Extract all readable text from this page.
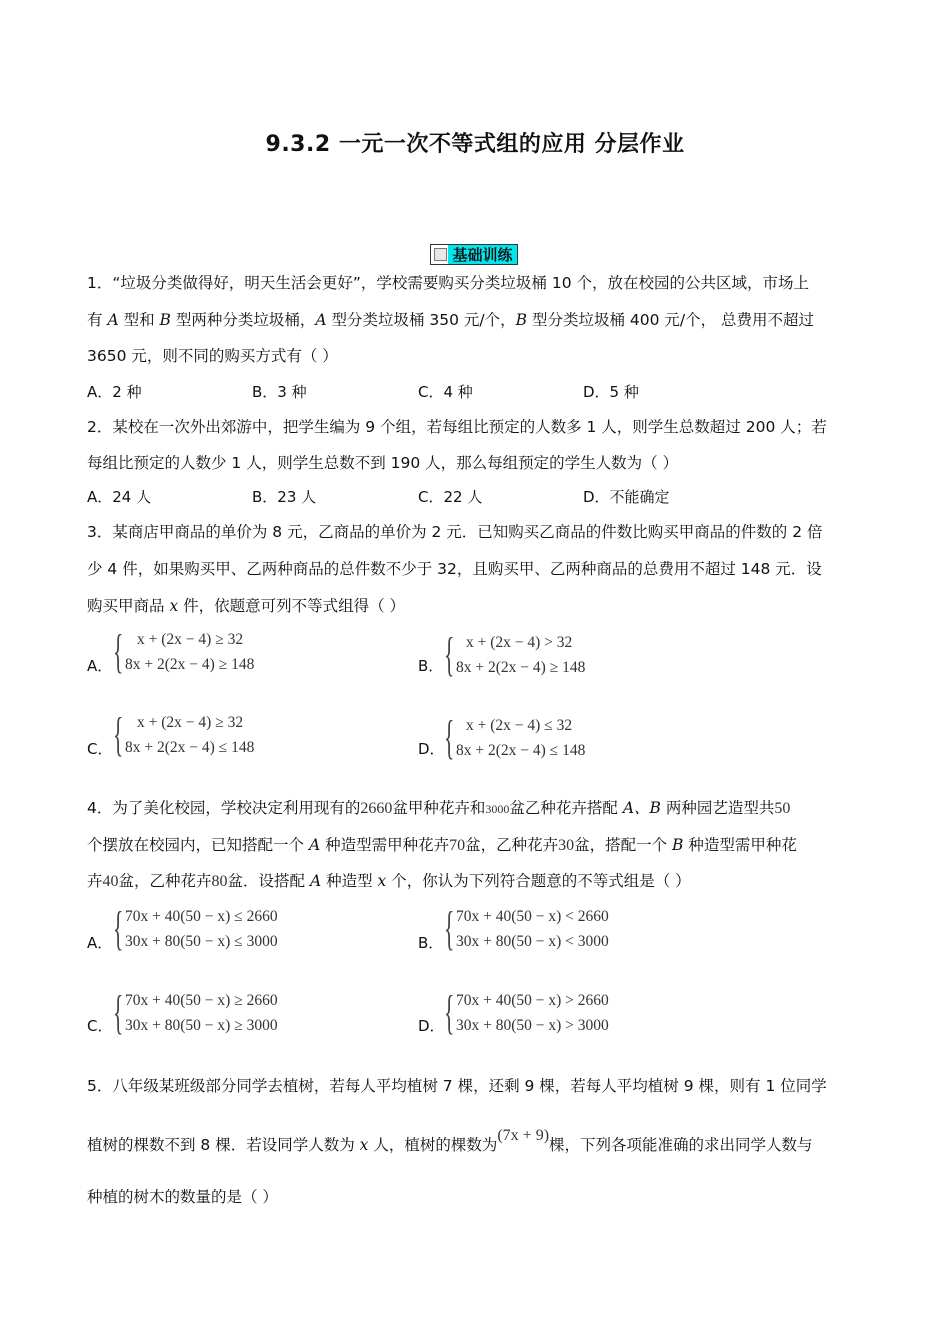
9.3.2 一元一次不等式组的应用 分层作业
基础训练
1．“垃圾分类做得好，明天生活会更好”，学校需要购买分类垃圾桶 10 个，放在校园的公共区域，市场上
有 A 型和 B 型两种分类垃圾桶，A 型分类垃圾桶 350 元/个，B 型分类垃圾桶 400 元/个， 总费用不超过
3650 元，则不同的购买方式有（ ）
A．2 种	B．3 种	C．4 种	D．5 种
2．某校在一次外出郊游中，把学生编为 9 个组，若每组比预定的人数多 1 人，则学生总数超过 200 人；若
每组比预定的人数少 1 人，则学生总数不到 190 人，那么每组预定的学生人数为（ ）
A．24 人	B．23 人	C．22 人	D．不能确定
3．某商店甲商品的单价为 8 元，乙商品的单价为 2 元．已知购买乙商品的件数比购买甲商品的件数的 2 倍
少 4 件，如果购买甲、乙两种商品的总件数不少于 32，且购买甲、乙两种商品的总费用不超过 148 元．设
购买甲商品 x 件，依题意可列不等式组得（ ）
A． { x + (2x − 4) ≥ 32
8x + 2(2x − 4) ≥ 148	B． { x + (2x − 4) > 32
8x + 2(2x − 4) ≥ 148
C． { x + (2x − 4) ≥ 32
8x + 2(2x − 4) ≤ 148	D． { x + (2x − 4) ≤ 32
8x + 2(2x − 4) ≤ 148
4．为了美化校园，学校决定利用现有的2660盆甲种花卉和3000盆乙种花卉搭配 A、B 两种园艺造型共50
个摆放在校园内，已知搭配一个 A 种造型需甲种花卉70盆，乙种花卉30盆，搭配一个 B 种造型需甲种花
卉40盆，乙种花卉80盆．设搭配 A 种造型 x 个，你认为下列符合题意的不等式组是（ ）
A． { 70x + 40(50 − x) ≤ 2660
30x + 80(50 − x) ≤ 3000	B． { 70x + 40(50 − x) < 2660
30x + 80(50 − x) < 3000
C． { 70x + 40(50 − x) ≥ 2660
30x + 80(50 − x) ≥ 3000	D． { 70x + 40(50 − x) > 2660
30x + 80(50 − x) > 3000
5．八年级某班级部分同学去植树，若每人平均植树 7 棵，还剩 9 棵，若每人平均植树 9 棵，则有 1 位同学
植树的棵数不到 8 棵．若设同学人数为 x 人，植树的棵数为(7x + 9)棵，下列各项能准确的求出同学人数与
种植的树木的数量的是（ ）
